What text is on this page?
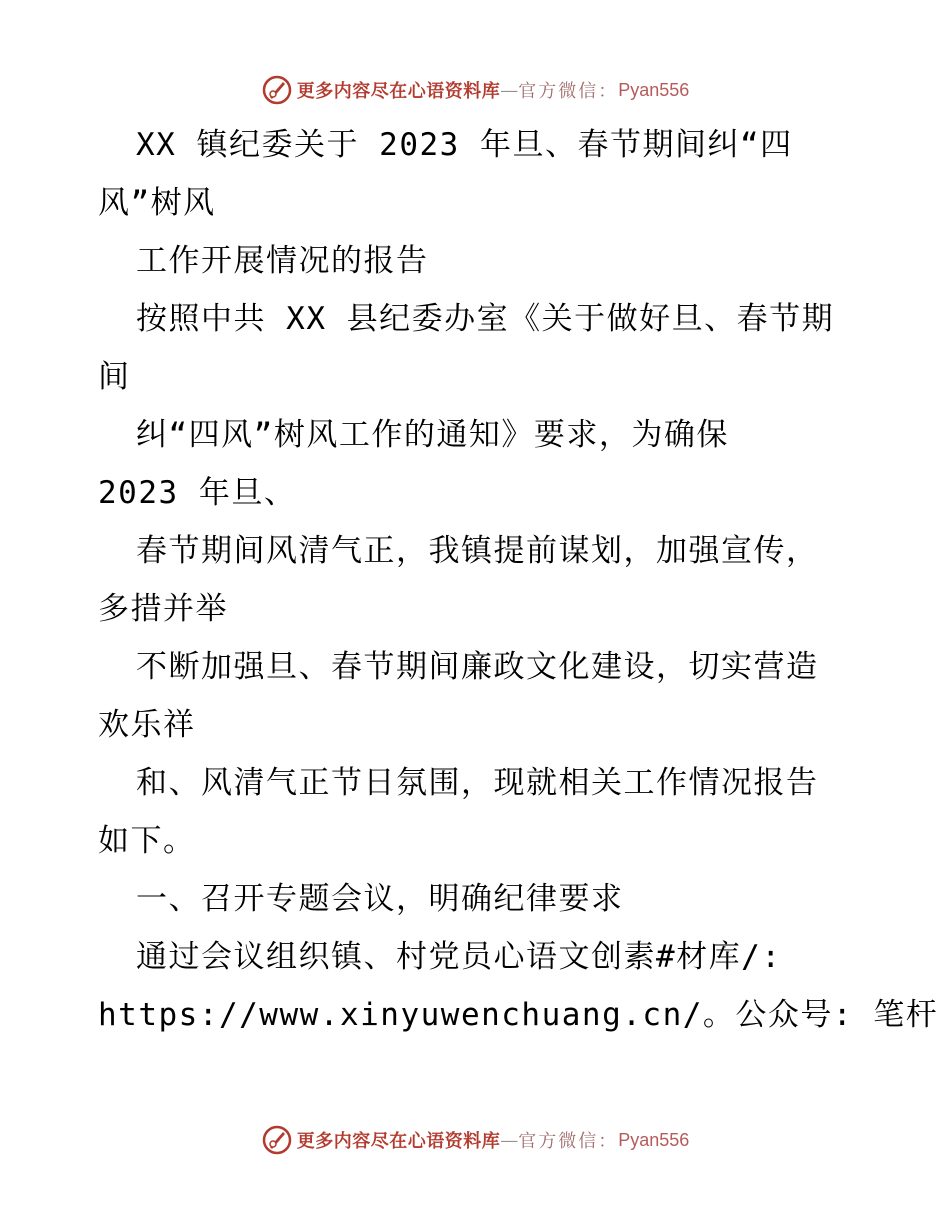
更多内容尽在心语资料库 — 官方微信： Pyan556
XX 镇纪委关于 2023 年旦、春节期间纠“四
风”树风
工作开展情况的报告
按照中共 XX 县纪委办室《关于做好旦、春节期
间
纠“四风”树风工作的通知》要求，为确保
2023 年旦、
春节期间风清气正，我镇提前谋划，加强宣传，
多措并举
不断加强旦、春节期间廉政文化建设，切实营造
欢乐祥
和、风清气正节日氛围，现就相关工作情况报告
如下。
一、召开专题会议，明确纪律要求
通过会议组织镇、村党员心语文创素#材库/:
https://www.xinyuwenchuang.cn/。公众号: 笔杆
更多内容尽在心语资料库 — 官方微信： Pyan556
